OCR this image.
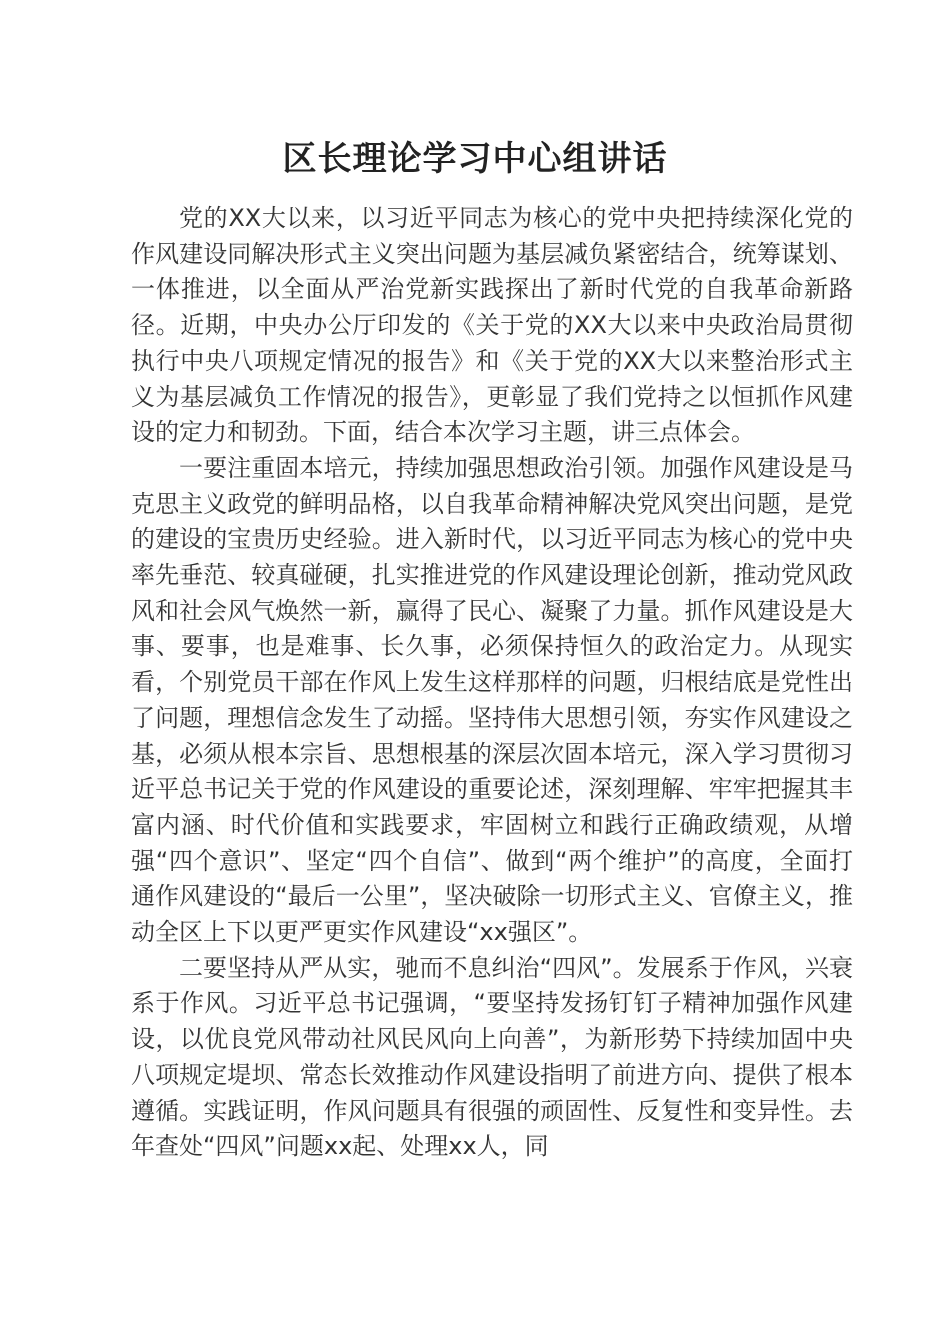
区长理论学习中心组讲话

党的XX大以来，以习近平同志为核心的党中央把持续深化党的作风建设同解决形式主义突出问题为基层减负紧密结合，统筹谋划、一体推进，以全面从严治党新实践探出了新时代党的自我革命新路径。近期，中央办公厅印发的《关于党的XX大以来中央政治局贯彻执行中央八项规定情况的报告》和《关于党的XX大以来整治形式主义为基层减负工作情况的报告》，更彰显了我们党持之以恒抓作风建设的定力和韧劲。下面，结合本次学习主题，讲三点体会。

一要注重固本培元，持续加强思想政治引领。加强作风建设是马克思主义政党的鲜明品格，以自我革命精神解决党风突出问题，是党的建设的宝贵历史经验。进入新时代，以习近平同志为核心的党中央率先垂范、较真碰硬，扎实推进党的作风建设理论创新，推动党风政风和社会风气焕然一新，赢得了民心、凝聚了力量。抓作风建设是大事、要事，也是难事、长久事，必须保持恒久的政治定力。从现实看，个别党员干部在作风上发生这样那样的问题，归根结底是党性出了问题，理想信念发生了动摇。坚持伟大思想引领，夯实作风建设之基，必须从根本宗旨、思想根基的深层次固本培元，深入学习贯彻习近平总书记关于党的作风建设的重要论述，深刻理解、牢牢把握其丰富内涵、时代价值和实践要求，牢固树立和践行正确政绩观，从增强“四个意识”、坚定“四个自信”、做到“两个维护”的高度，全面打通作风建设的“最后一公里”，坚决破除一切形式主义、官僚主义，推动全区上下以更严更实作风建设“xx强区”。

二要坚持从严从实，驰而不息纠治“四风”。发展系于作风，兴衰系于作风。习近平总书记强调，“要坚持发扬钉钉子精神加强作风建设，以优良党风带动社风民风向上向善”，为新形势下持续加固中央八项规定堤坝、常态长效推动作风建设指明了前进方向、提供了根本遵循。实践证明，作风问题具有很强的顽固性、反复性和变异性。去年查处“四风”问题xx起、处理xx人，同
